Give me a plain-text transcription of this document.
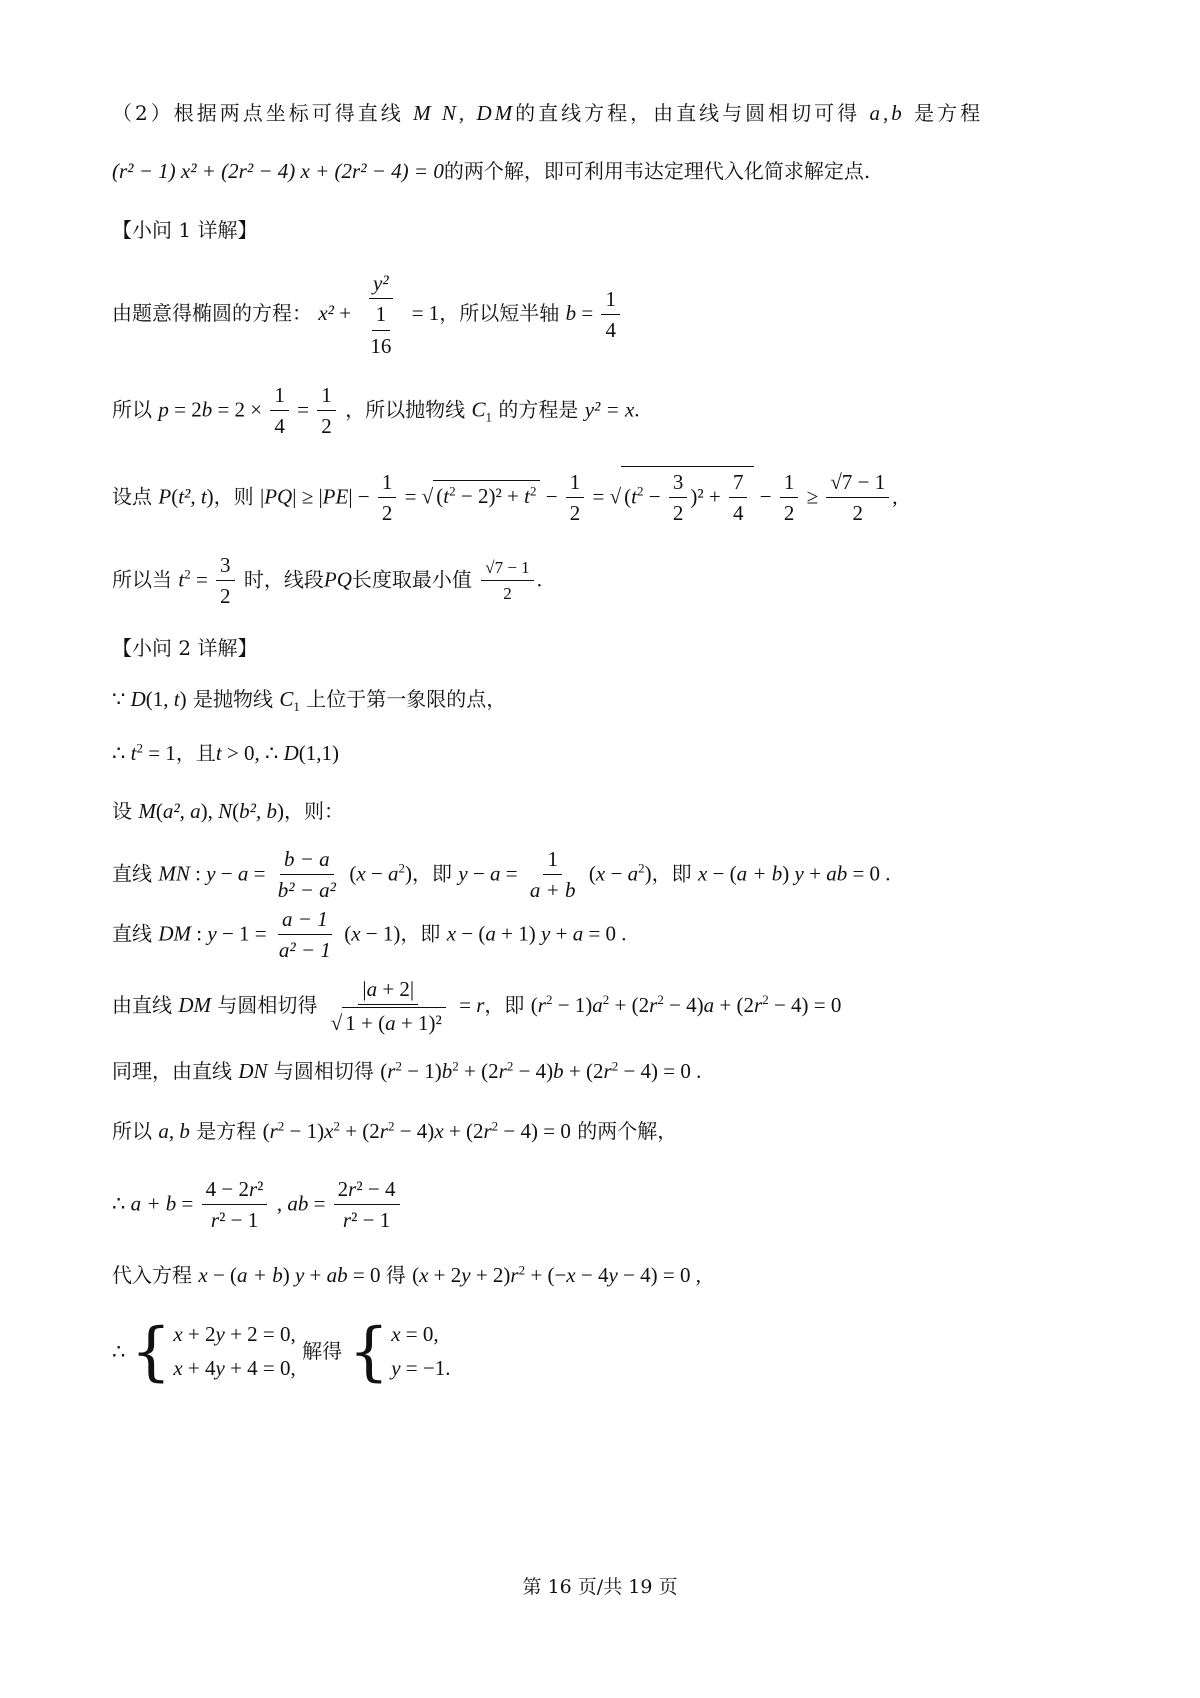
（2）根据两点坐标可得直线 M N, DM的直线方程，由直线与圆相切可得 a,b 是方程
(r² − 1) x² + (2r² − 4) x + (2r² − 4) = 0的两个解，即可利用韦达定理代入化简求解定点.
【小问 1 详解】
由题意得椭圆的方程： $x^2 + \frac{\text{y²}}{\frac{1}{16}} = 1$，所以短半轴 $b = \frac{1}{4}$
所以 $p = 2b = 2 \times \frac{1}{4} = \frac{1}{2}$ ，所以抛物线 $C_1$ 的方程是 y² = x.
设点 P(t², t)，则 $|PQ| \ge |PE| - \frac{1}{2}$ = √ $(t^2 - 2)^2 + t^2 - \frac{1}{2}$ = √ $(t^2 - \frac{3}{2} )^2 + \frac{7}{4} - \frac{1}{2} \ge \frac{√7 - 1}{2}$ ,
所以当 $t^2 = \frac{3}{2}$ 时，线段PQ长度取最小值 $\frac{√7 - 1}{2}$ .
【小问 2 详解】
∵ D(1, t) 是抛物线 $C_1$ 上位于第一象限的点，
∴ $t^2 = 1$，且t > 0, ∴ D(1,1)
设 M(a², a), N(b², b)，则：
直线 MN : $y - a = \frac{b - a}{\text{b² − a²}} (x - a^2)$，即 $y - a = \frac{1}{a + b} (x - a^2)$，即 x − (a + b) y + ab = 0 .
直线 DM : $y - 1 = \frac{a - 1}{\text{a² − 1}} (x - 1)$，即 x − (a + 1) y + a = 0 .
由直线 DM 与圆相切得 $\frac{|a + 2|}{\text{√ 1 + (a + 1)²}} = r$，即 $(r^2 - 1)a^2 + (2r^2 - 4)a + (2r^2 - 4) = 0$
同理，由直线 DN 与圆相切得 $(r^2 - 1)b^2 + (2r^2 - 4)b + (2r^2 - 4) = 0$ .
所以 a, b 是方程 $(r^2 - 1)x^2 + (2r^2 - 4)x + (2r^2 - 4) = 0$ 的两个解，
∴ $a + b = \frac{\text{4 − 2r²}}{\text{r² − 1}}$ , ab = $\frac{\text{2r² − 4}}{\text{r² − 1}}$
代入方程 x − (a + b) y + ab = 0 得 $(x + 2y + 2)r^2 + (-x - 4y - 4) = 0$ ,
∴ { x + 2y + 2 = 0,
x + 4y + 4 = 0,
解得 { x = 0,
y = −1.
第 16 页/共 19 页
